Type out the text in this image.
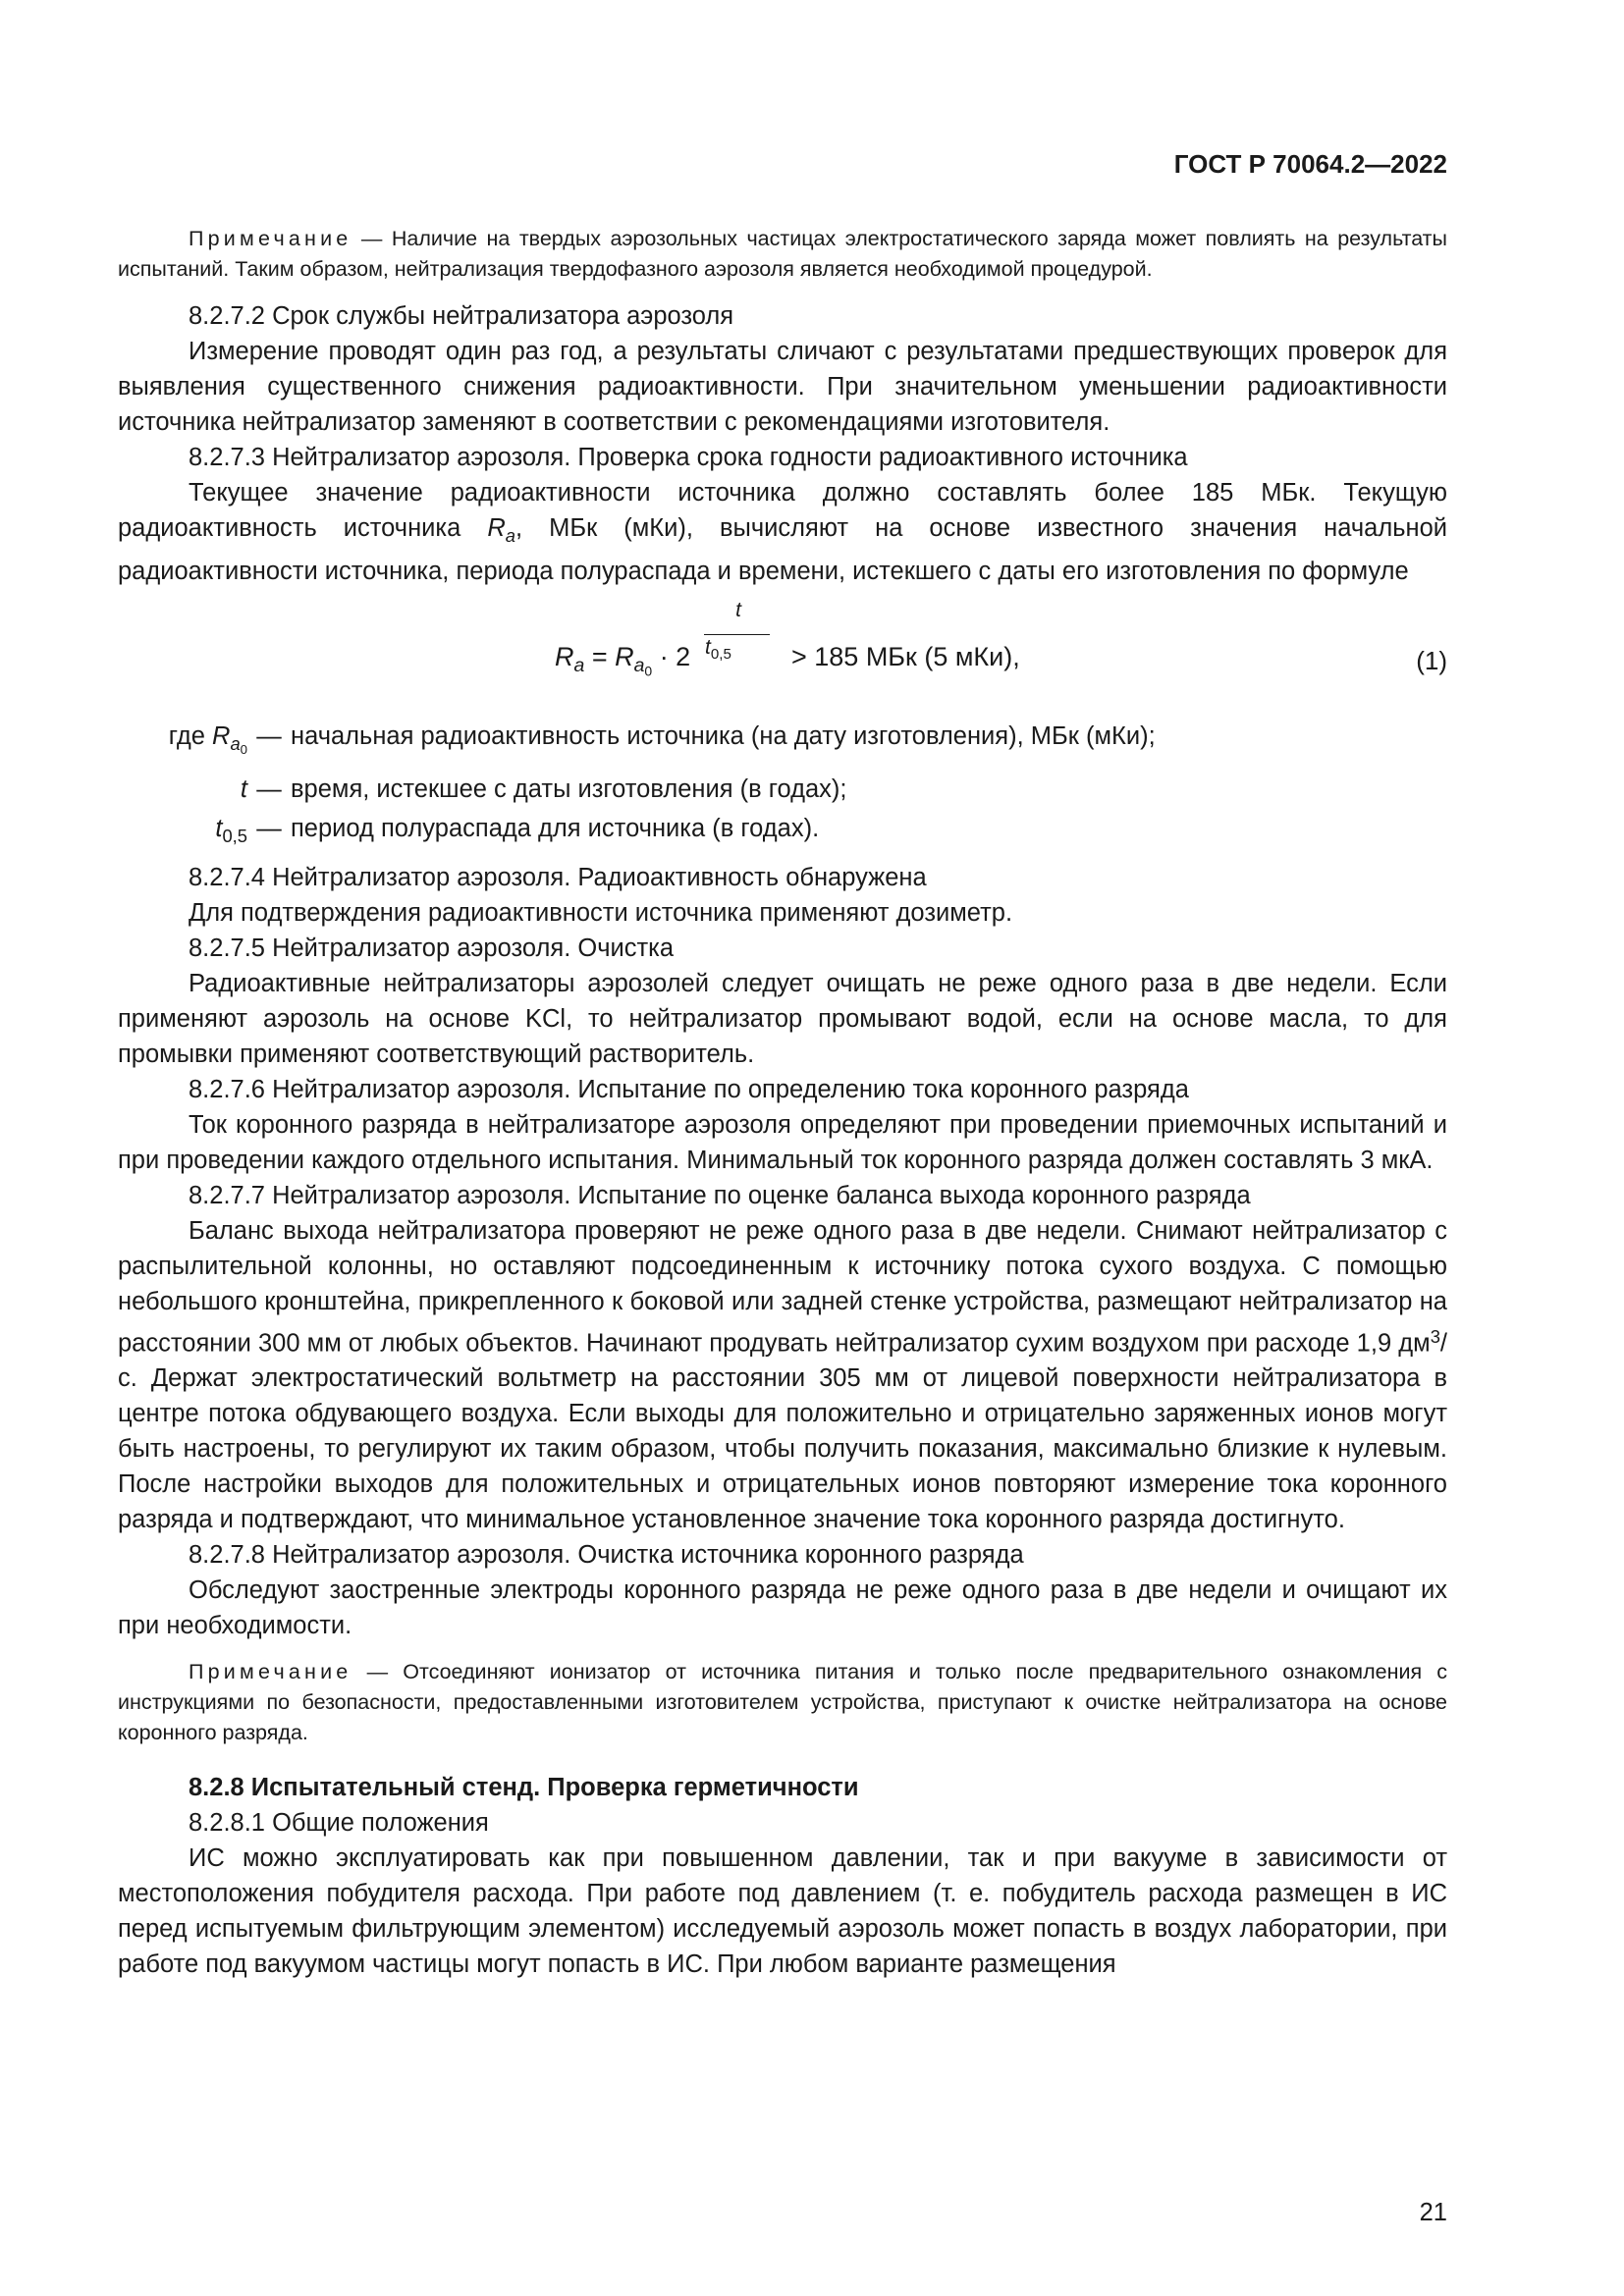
ГОСТ Р 70064.2—2022

Примечание — Наличие на твердых аэрозольных частицах электростатического заряда может повлиять на результаты испытаний. Таким образом, нейтрализация твердофазного аэрозоля является необходимой процедурой.

8.2.7.2 Срок службы нейтрализатора аэрозоля

Измерение проводят один раз год, а результаты сличают с результатами предшествующих проверок для выявления существенного снижения радиоактивности. При значительном уменьшении радиоактивности источника нейтрализатор заменяют в соответствии с рекомендациями изготовителя.

8.2.7.3 Нейтрализатор аэрозоля. Проверка срока годности радиоактивного источника

Текущее значение радиоактивности источника должно составлять более 185 МБк. Текущую радиоактивность источника $R_a$, МБк (мКи), вычисляют на основе известного значения начальной радиоактивности источника, периода полураспада и времени, истекшего с даты его изготовления по формуле

$R_a = R_{a_0} \cdot 2$
t
$t_{0,5} > 185$ МБк (5 мКи),	(1)
где $R_{a_0}$	—	начальная радиоактивность источника (на дату изготовления), МБк (мКи);
t	—	время, истекшее с даты изготовления (в годах);
$t_{0,5}$	—	период полураспада для источника (в годах).

8.2.7.4 Нейтрализатор аэрозоля. Радиоактивность обнаружена

Для подтверждения радиоактивности источника применяют дозиметр.

8.2.7.5 Нейтрализатор аэрозоля. Очистка

Радиоактивные нейтрализаторы аэрозолей следует очищать не реже одного раза в две недели. Если применяют аэрозоль на основе KCl, то нейтрализатор промывают водой, если на основе масла, то для промывки применяют соответствующий растворитель.

8.2.7.6 Нейтрализатор аэрозоля. Испытание по определению тока коронного разряда

Ток коронного разряда в нейтрализаторе аэрозоля определяют при проведении приемочных испытаний и при проведении каждого отдельного испытания. Минимальный ток коронного разряда должен составлять 3 мкА.

8.2.7.7 Нейтрализатор аэрозоля. Испытание по оценке баланса выхода коронного разряда

Баланс выхода нейтрализатора проверяют не реже одного раза в две недели. Снимают нейтрализатор с распылительной колонны, но оставляют подсоединенным к источнику потока сухого воздуха. С помощью небольшого кронштейна, прикрепленного к боковой или задней стенке устройства, размещают нейтрализатор на расстоянии 300 мм от любых объектов. Начинают продувать нейтрализатор сухим воздухом при расходе 1,9 $дм^3/с$. Держат электростатический вольтметр на расстоянии 305 мм от лицевой поверхности нейтрализатора в центре потока обдувающего воздуха. Если выходы для положительно и отрицательно заряженных ионов могут быть настроены, то регулируют их таким образом, чтобы получить показания, максимально близкие к нулевым. После настройки выходов для положительных и отрицательных ионов повторяют измерение тока коронного разряда и подтверждают, что минимальное установленное значение тока коронного разряда достигнуто.

8.2.7.8 Нейтрализатор аэрозоля. Очистка источника коронного разряда

Обследуют заостренные электроды коронного разряда не реже одного раза в две недели и очищают их при необходимости.

Примечание — Отсоединяют ионизатор от источника питания и только после предварительного ознакомления с инструкциями по безопасности, предоставленными изготовителем устройства, приступают к очистке нейтрализатора на основе коронного разряда.

8.2.8 Испытательный стенд. Проверка герметичности

8.2.8.1 Общие положения

ИС можно эксплуатировать как при повышенном давлении, так и при вакууме в зависимости от местоположения побудителя расхода. При работе под давлением (т. е. побудитель расхода размещен в ИС перед испытуемым фильтрующим элементом) исследуемый аэрозоль может попасть в воздух лаборатории, при работе под вакуумом частицы могут попасть в ИС. При любом варианте размещения

21
